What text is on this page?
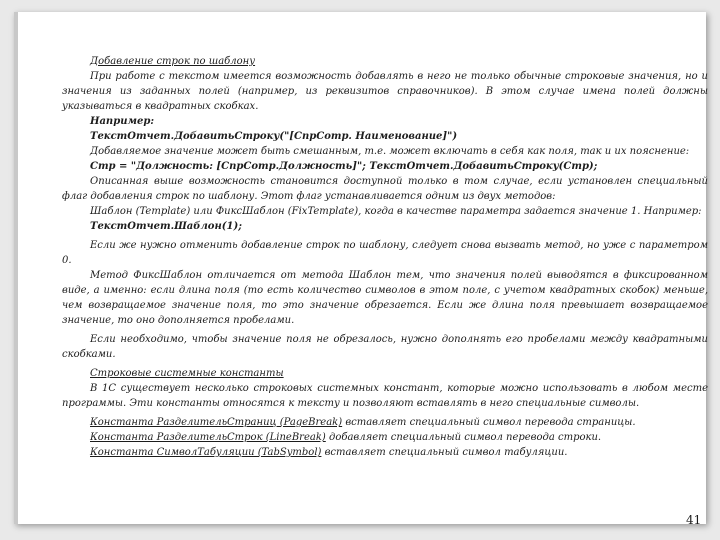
Добавление строк по шаблону

При работе с текстом имеется возможность добавлять в него не только обычные строковые значения, но и значения из заданных полей (например, из реквизитов справочников). В этом случае имена полей должны указываться в квадратных скобках.

Например:

ТекстОтчет.ДобавитьСтроку("[СпрСотр. Наименование]")

Добавляемое значение может быть смешанным, т.е. может включать в себя как поля, так и их пояснение:

Стр = "Должность: [СпрСотр.Должность]"; ТекстОтчет.ДобавитьСтроку(Стр);

Описанная выше возможность становится доступной только в том случае, если установлен специальный флаг добавления строк по шаблону. Этот флаг устанавливается одним из двух методов:

Шаблон (Template) или ФиксШаблон (FixTemplate), когда в качестве параметра задается значение 1. Например:

ТекстОтчет.Шаблон(1);

Если же нужно отменить добавление строк по шаблону, следует снова вызвать метод, но уже с параметром 0.

Метод ФиксШаблон отличается от метода Шаблон тем, что значения полей выводятся в фиксированном виде, а именно: если длина поля (то есть количество символов в этом поле, с учетом квадратных скобок) меньше, чем возвращаемое значение поля, то это значение обрезается. Если же длина поля превышает возвращаемое значение, то оно дополняется пробелами.

Если необходимо, чтобы значение поля не обрезалось, нужно дополнять его пробелами между квадратными скобками.

Строковые системные константы

В 1С существует несколько строковых системных констант, которые можно использовать в любом месте программы. Эти константы относятся к тексту и позволяют вставлять в него специальные символы.

Константа РазделительСтраниц (PageBreak) вставляет специальный символ перевода страницы.

Константа РазделительСтрок (LineBreak) добавляет специальный символ перевода строки.

Константа СимволТабуляции (TabSymbol) вставляет специальный символ табуляции.

41
